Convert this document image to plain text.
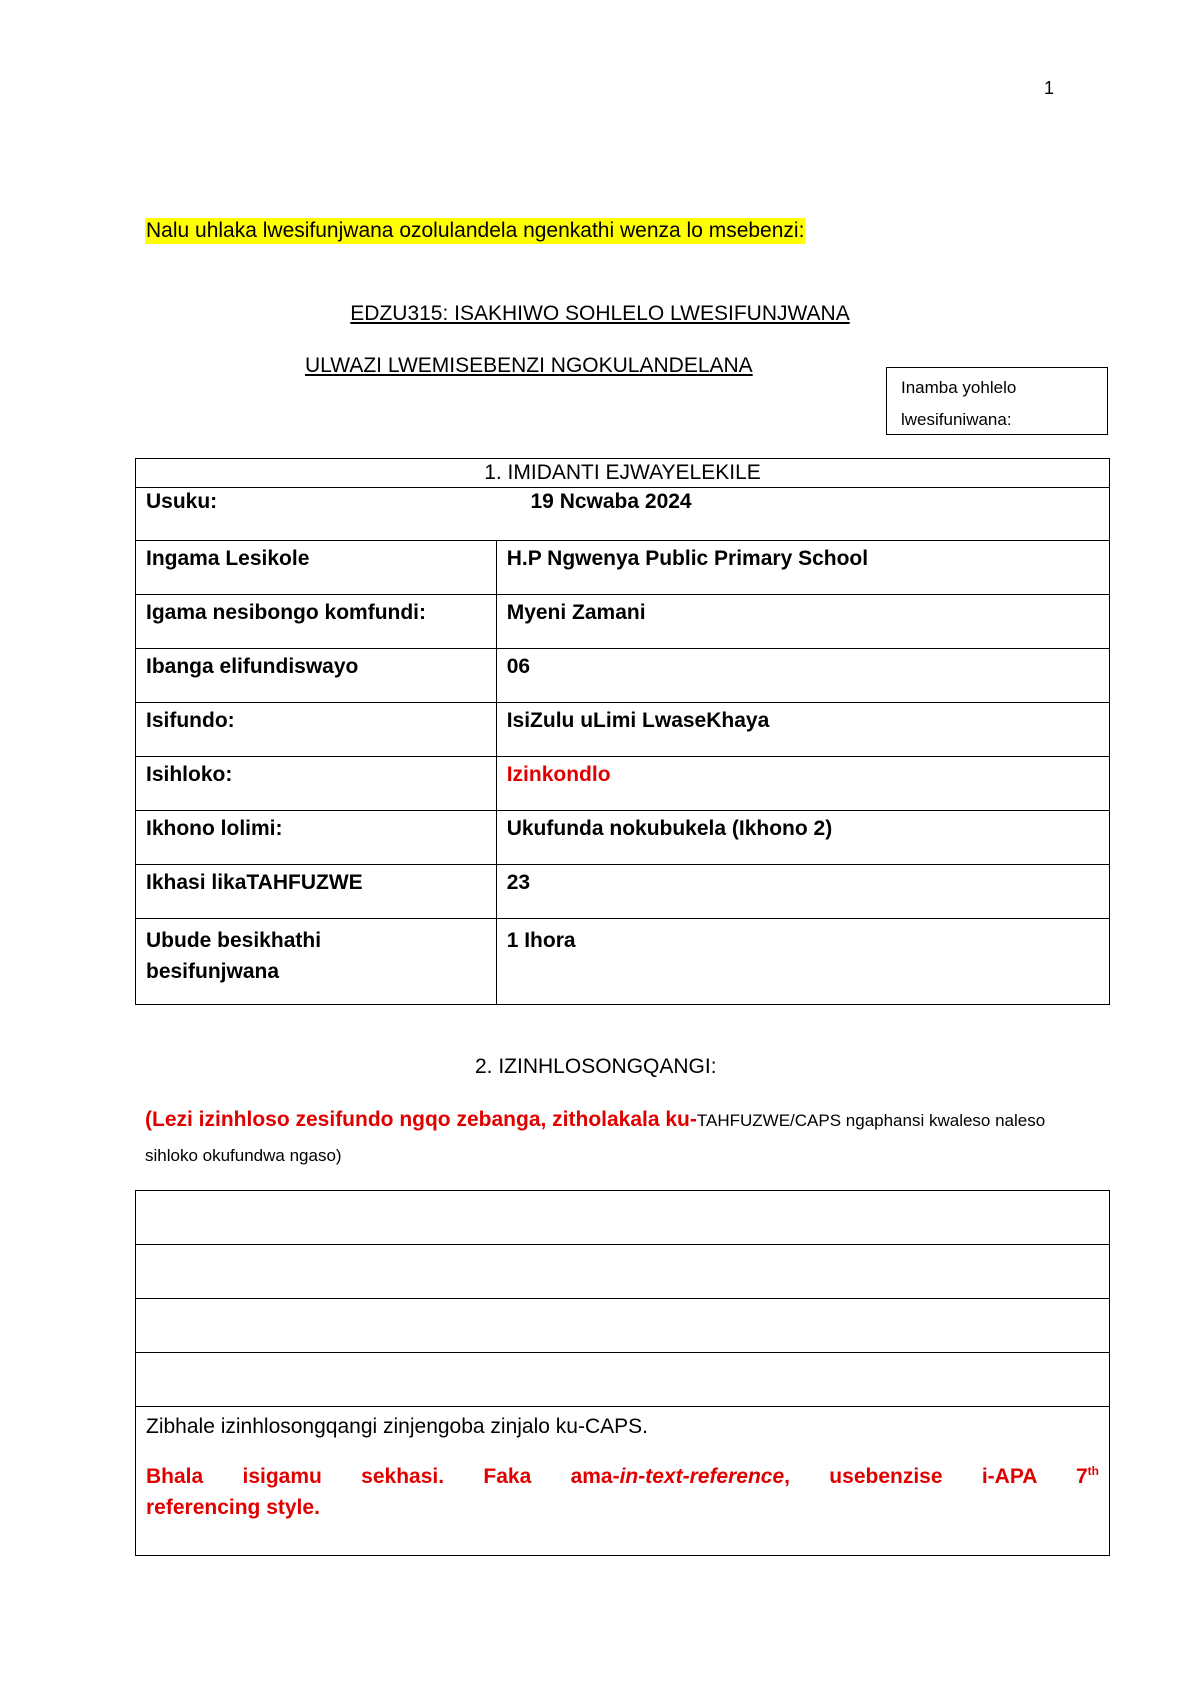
1
Nalu uhlaka lwesifunjwana ozolulandela ngenkathi wenza lo msebenzi:
EDZU315: ISAKHIWO SOHLELO LWESIFUNJWANA
ULWAZI LWEMISEBENZI NGOKULANDELANA
Inamba yohlelo
lwesifuniwana:
1. IMIDANTI EJWAYELEKILE	
Usuku: 19 Ncwaba 2024	

Ingama Lesikole	H.P Ngwenya Public Primary School
Igama nesibongo komfundi:	Myeni Zamani
Ibanga elifundiswayo	06
Isifundo:	IsiZulu uLimi LwaseKhaya
Isihloko:	Izinkondlo
Ikhono lolimi:	Ukufunda nokubukela (Ikhono 2)
Ikhasi likaTAHFUZWE	23

Ubude besikhathi
besifunjwana	1 Ihora
2. IZINHLOSONGQANGI:
(Lezi izinhloso zesifundo ngqo zebanga, zitholakala ku-TAHFUZWE/CAPS ngaphansi kwaleso naleso sihloko okufundwa ngaso)

Zibhale izinhlosongqangi zinjengoba zinjalo ku-CAPS.
Bhala isigamu sekhasi. Faka ama-in-text-reference, usebenzise i-APA 7th
referencing style.
